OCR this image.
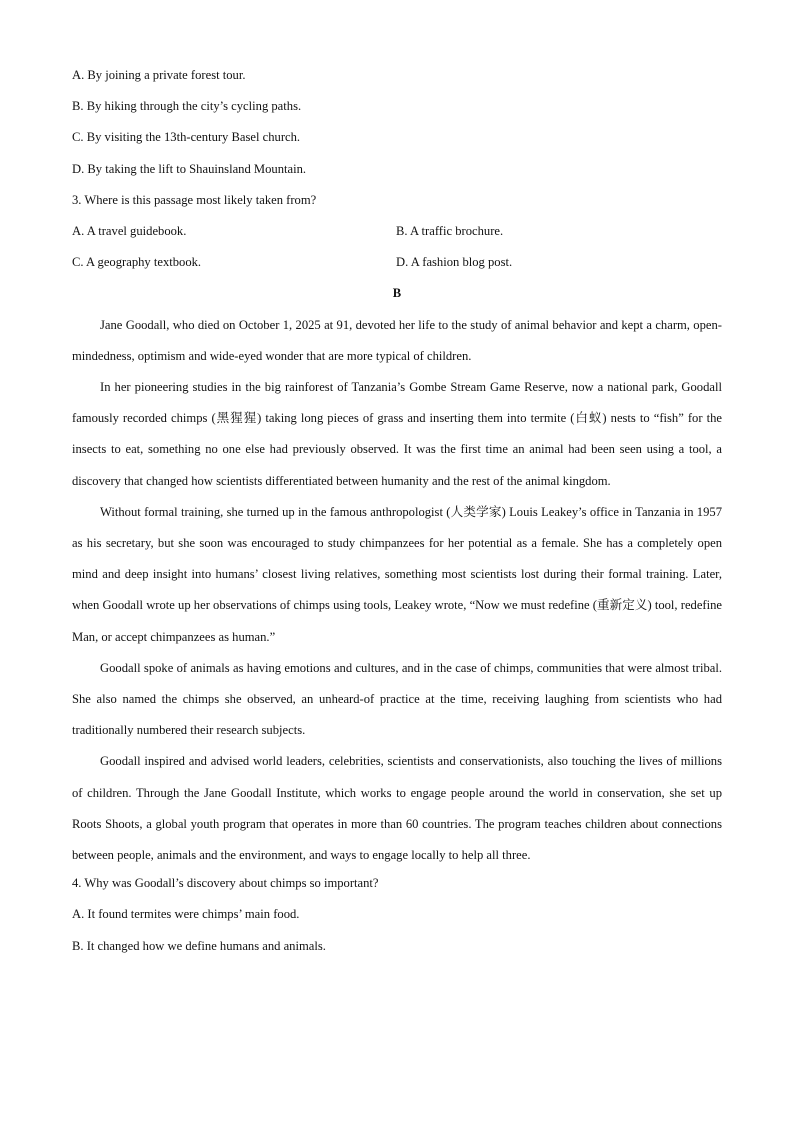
A. By joining a private forest tour.
B. By hiking through the city’s cycling paths.
C. By visiting the 13th-century Basel church.
D. By taking the lift to Shauinsland Mountain.
3. Where is this passage most likely taken from?
A. A travel guidebook.	B. A traffic brochure.
C. A geography textbook.	D. A fashion blog post.
B

Jane Goodall, who died on October 1, 2025 at 91, devoted her life to the study of animal behavior and kept a charm, open-mindedness, optimism and wide-eyed wonder that are more typical of children.

In her pioneering studies in the big rainforest of Tanzania’s Gombe Stream Game Reserve, now a national park, Goodall famously recorded chimps (黑猩猩) taking long pieces of grass and inserting them into termite (白蚁) nests to “fish” for the insects to eat, something no one else had previously observed. It was the first time an animal had been seen using a tool, a discovery that changed how scientists differentiated between humanity and the rest of the animal kingdom.

Without formal training, she turned up in the famous anthropologist (人类学家) Louis Leakey’s office in Tanzania in 1957 as his secretary, but she soon was encouraged to study chimpanzees for her potential as a female. She has a completely open mind and deep insight into humans’ closest living relatives, something most scientists lost during their formal training. Later, when Goodall wrote up her observations of chimps using tools, Leakey wrote, “Now we must redefine (重新定义) tool, redefine Man, or accept chimpanzees as human.”

Goodall spoke of animals as having emotions and cultures, and in the case of chimps, communities that were almost tribal. She also named the chimps she observed, an unheard-of practice at the time, receiving laughing from scientists who had traditionally numbered their research subjects.

Goodall inspired and advised world leaders, celebrities, scientists and conservationists, also touching the lives of millions of children. Through the Jane Goodall Institute, which works to engage people around the world in conservation, she set up Roots Shoots, a global youth program that operates in more than 60 countries. The program teaches children about connections between people, animals and the environment, and ways to engage locally to help all three.

4. Why was Goodall’s discovery about chimps so important?
A. It found termites were chimps’ main food.
B. It changed how we define humans and animals.
